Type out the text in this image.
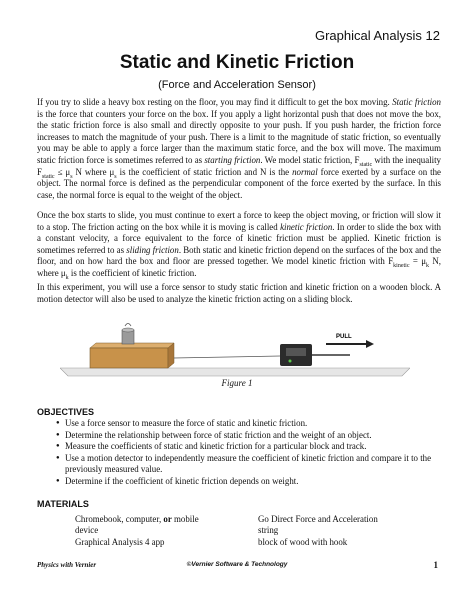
Graphical Analysis 12
Static and Kinetic Friction
(Force and Acceleration Sensor)
If you try to slide a heavy box resting on the floor, you may find it difficult to get the box moving. Static friction is the force that counters your force on the box. If you apply a light horizontal push that does not move the box, the static friction force is also small and directly opposite to your push. If you push harder, the friction force increases to match the magnitude of your push. There is a limit to the magnitude of static friction, so eventually you may be able to apply a force larger than the maximum static force, and the box will move. The maximum static friction force is sometimes referred to as starting friction. We model static friction, $F_{static}$ with the inequality $F_{static} \le \mu_s$ N where $\mu_s$ is the coefficient of static friction and N is the normal force exerted by a surface on the object. The normal force is defined as the perpendicular component of the force exerted by the surface. In this case, the normal force is equal to the weight of the object.
Once the box starts to slide, you must continue to exert a force to keep the object moving, or friction will slow it to a stop. The friction acting on the box while it is moving is called kinetic friction. In order to slide the box with a constant velocity, a force equivalent to the force of kinetic friction must be applied. Kinetic friction is sometimes referred to as sliding friction. Both static and kinetic friction depend on the surfaces of the box and the floor, and on how hard the box and floor are pressed together. We model kinetic friction with $F_{kinetic} = \mu_k$ N, where $\mu_k$ is the coefficient of kinetic friction.
In this experiment, you will use a force sensor to study static friction and kinetic friction on a wooden block. A motion detector will also be used to analyze the kinetic friction acting on a sliding block.
PULL
Figure 1
OBJECTIVES
● Use a force sensor to measure the force of static and kinetic friction.
● Determine the relationship between force of static friction and the weight of an object.
● Measure the coefficients of static and kinetic friction for a particular block and track.
● Use a motion detector to independently measure the coefficient of kinetic friction and compare it to the previously measured value.
● Determine if the coefficient of kinetic friction depends on weight.
MATERIALS
Chromebook, computer, or mobile
device
Graphical Analysis 4 app
Go Direct Force and Acceleration
string
block of wood with hook
Physics with Vernier	©Vernier Software & Technology	1
